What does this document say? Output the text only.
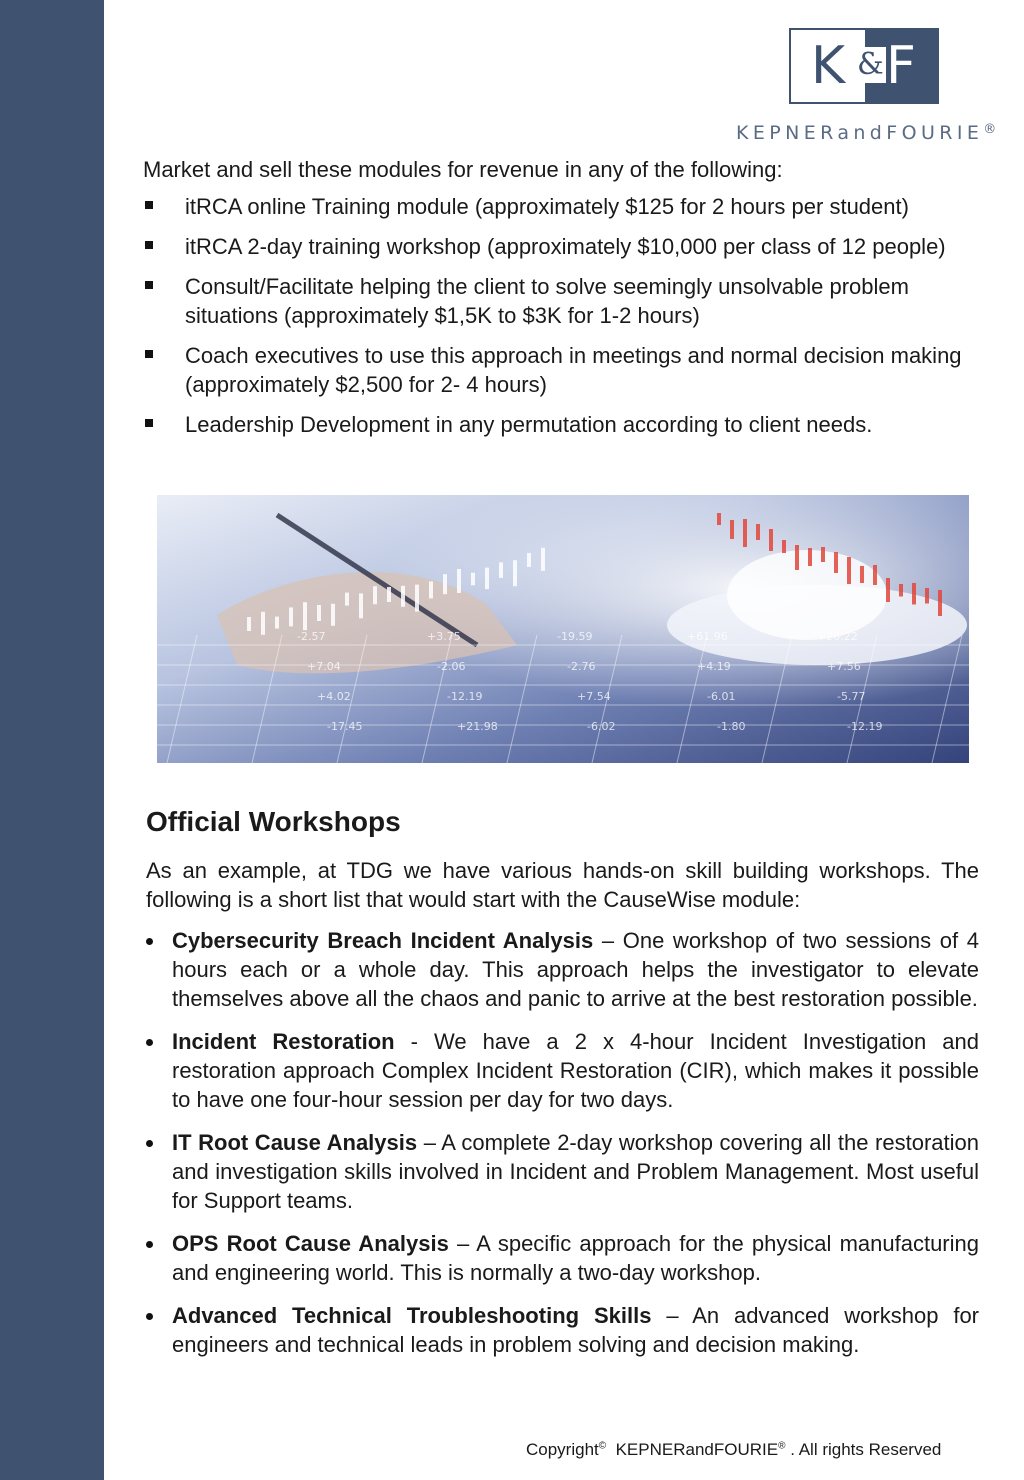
K F
&
KEPNERandFOURIE®

Market and sell these modules for revenue in any of the following:

itRCA online Training module (approximately $125 for 2 hours per student)
itRCA 2-day training workshop (approximately $10,000 per class of 12 people)
Consult/Facilitate helping the client to solve seemingly unsolvable problem situations (approximately $1,5K to $3K for 1-2 hours)
Coach executives to use this approach in meetings and normal decision making (approximately $2,500 for 2- 4 hours)
Leadership Development in any permutation according to client needs.
-2.57	+3.75	-19.59	+61.96	+20.22
+7.04	-2.06	-2.76	+4.19	+7.56
+4.02	-12.19	+7.54	-6.01	-5.77
-17.45	+21.98	-6.02	-1.80	-12.19
Official Workshops

As an example, at TDG we have various hands-on skill building workshops. The following is a short list that would start with the CauseWise module:

Cybersecurity Breach Incident Analysis – One workshop of two sessions of 4 hours each or a whole day. This approach helps the investigator to elevate themselves above all the chaos and panic to arrive at the best restoration possible.
Incident Restoration - We have a 2 x 4-hour Incident Investigation and restoration approach Complex Incident Restoration (CIR), which makes it possible to have one four-hour session per day for two days.
IT Root Cause Analysis – A complete 2-day workshop covering all the restoration and investigation skills involved in Incident and Problem Management. Most useful for Support teams.
OPS Root Cause Analysis – A specific approach for the physical manufacturing and engineering world. This is normally a two-day workshop.
Advanced Technical Troubleshooting Skills – An advanced workshop for engineers and technical leads in problem solving and decision making.
Copyright© KEPNERandFOURIE® . All rights Reserved
